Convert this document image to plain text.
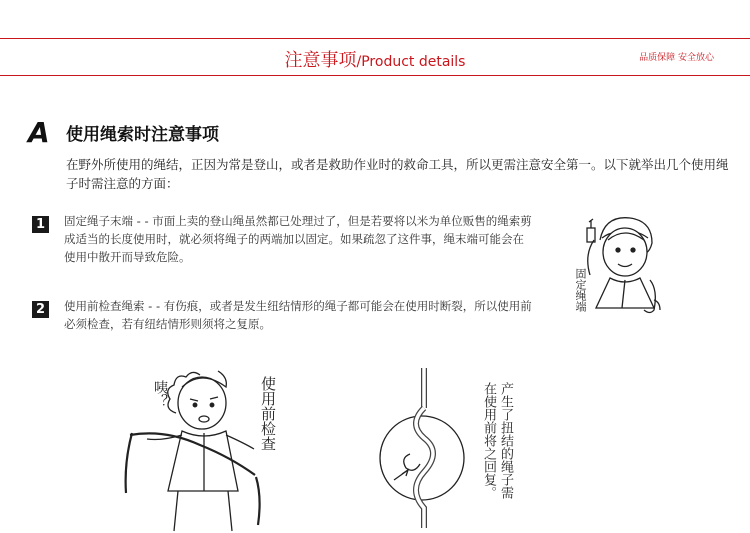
注意事项/Product details	品质保障 安全放心
A 使用绳索时注意事项
在野外所使用的绳结，正因为常是登山，或者是救助作业时的救命工具，所以更需注意安全第一。以下就举出几个使用绳子时需注意的方面：
1	固定绳子末端 - - 市面上卖的登山绳虽然都已处理过了，但是若要将以米为单位贩售的绳索剪成适当的长度使用时，就必须将绳子的两端加以固定。如果疏忽了这件事，绳末端可能会在使用中散开而导致危险。
2	使用前检查绳索 - - 有伤痕，或者是发生纽结情形的绳子都可能会在使用时断裂，所以使用前必须检查，若有纽结情形则须将之复原。
固定绳端
咦？	使用前检查	产生了扭结的绳子需
在使用前将之回复。
